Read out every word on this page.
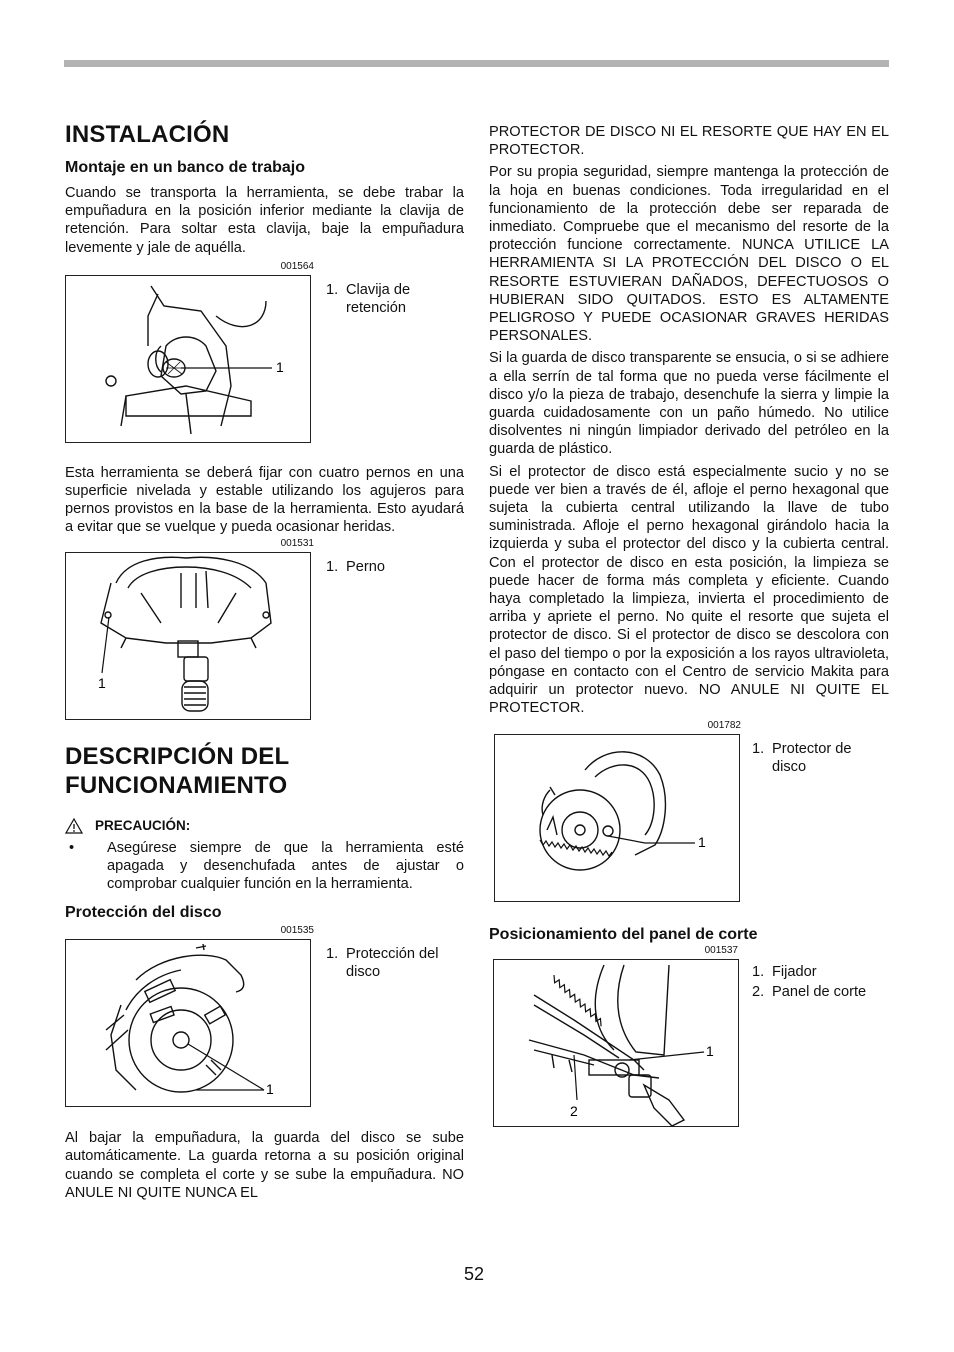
INSTALACIÓN
Montaje en un banco de trabajo

Cuando se transporta la herramienta, se debe trabar la empuñadura en la posición inferior mediante la clavija de retención. Para soltar esta clavija, baje la empuñadura levemente y jale de aquélla.

001564
1
1. Clavija de retención

Esta herramienta se deberá fijar con cuatro pernos en una superficie nivelada y estable utilizando los agujeros para pernos provistos en la base de la herramienta. Esto ayudará a evitar que se vuelque y pueda ocasionar heridas.

001531
1
1. Perno
DESCRIPCIÓN DEL FUNCIONAMIENTO
PRECAUCIÓN:
•	Asegúrese siempre de que la herramienta esté apagada y desenchufada antes de ajustar o comprobar cualquier función en la herramienta.
Protección del disco
001535
1
1. Protección del disco

Al bajar la empuñadura, la guarda del disco se sube automáticamente. La guarda retorna a su posición original cuando se completa el corte y se sube la empuñadura. NO ANULE NI QUITE NUNCA EL

PROTECTOR DE DISCO NI EL RESORTE QUE HAY EN EL PROTECTOR.

Por su propia seguridad, siempre mantenga la protección de la hoja en buenas condiciones. Toda irregularidad en el funcionamiento de la protección debe ser reparada de inmediato. Compruebe que el mecanismo del resorte de la protección funcione correctamente. NUNCA UTILICE LA HERRAMIENTA SI LA PROTECCIÓN DEL DISCO O EL RESORTE ESTUVIERAN DAÑADOS, DEFECTUOSOS O HUBIERAN SIDO QUITADOS. ESTO ES ALTAMENTE PELIGROSO Y PUEDE OCASIONAR GRAVES HERIDAS PERSONALES.

Si la guarda de disco transparente se ensucia, o si se adhiere a ella serrín de tal forma que no pueda verse fácilmente el disco y/o la pieza de trabajo, desenchufe la sierra y limpie la guarda cuidadosamente con un paño húmedo. No utilice disolventes ni ningún limpiador derivado del petróleo en la guarda de plástico.

Si el protector de disco está especialmente sucio y no se puede ver bien a través de él, afloje el perno hexagonal que sujeta la cubierta central utilizando la llave de tubo suministrada. Afloje el perno hexagonal girándolo hacia la izquierda y suba el protector del disco y la cubierta central. Con el protector de disco en esta posición, la limpieza se puede hacer de forma más completa y eficiente. Cuando haya completado la limpieza, invierta el procedimiento de arriba y apriete el perno. No quite el resorte que sujeta el protector de disco. Si el protector de disco se descolora con el paso del tiempo o por la exposición a los rayos ultravioleta, póngase en contacto con el Centro de servicio Makita para adquirir un protector nuevo. NO ANULE NI QUITE EL PROTECTOR.

001782
1
1. Protector de disco
Posicionamiento del panel de corte
001537
1
2
1. Fijador
2. Panel de corte
52
